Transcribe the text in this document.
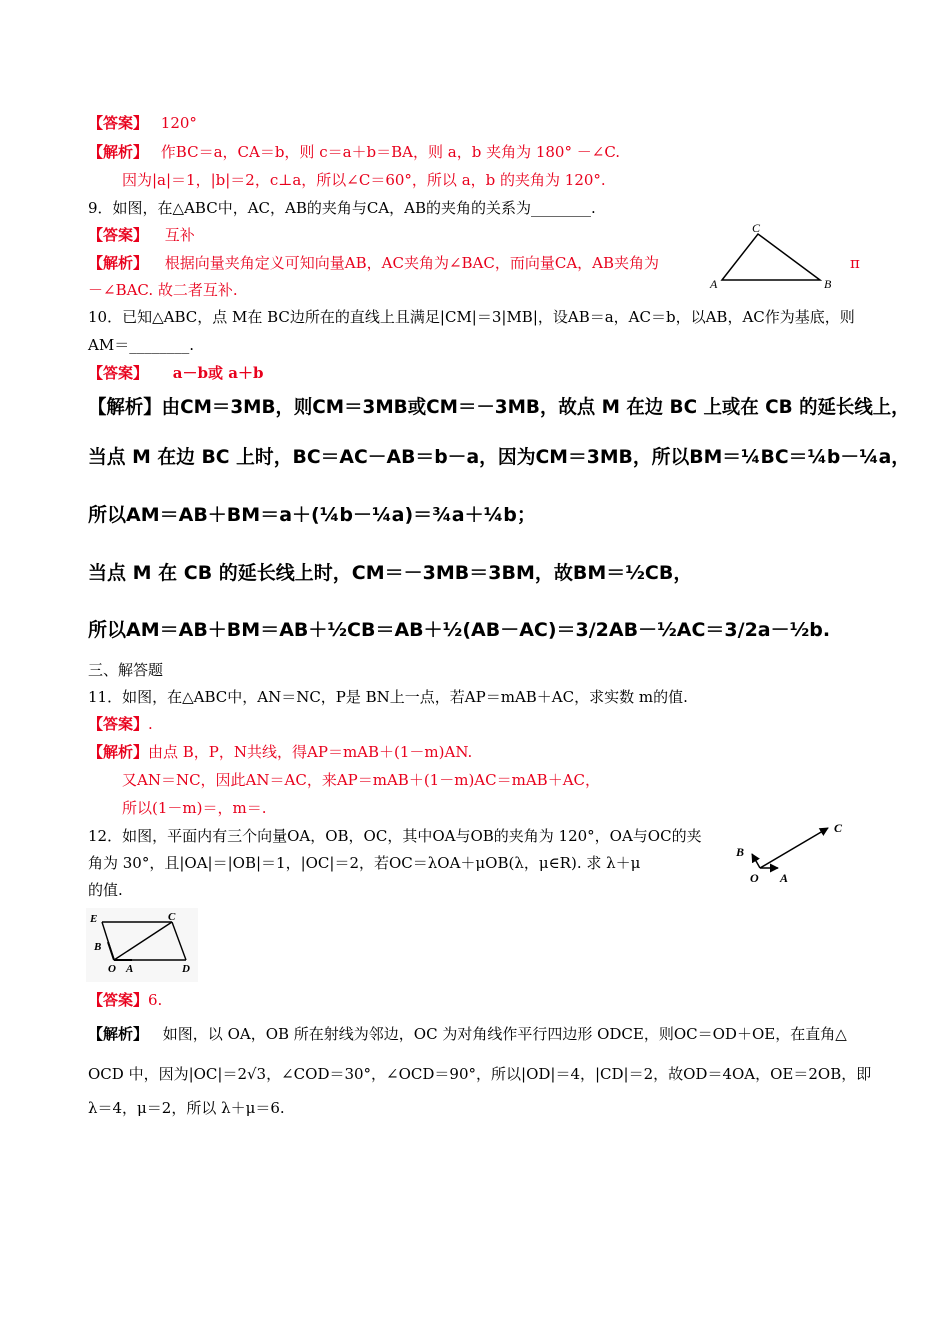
【答案】 120°
【解析】 作BC＝a，CA＝b，则 c＝a＋b＝BA，则 a，b 夹角为 180° －∠C.
因为|a|＝1，|b|＝2，c⊥a，所以∠C＝60°，所以 a，b 的夹角为 120°.
9．如图，在△ABC中，AC，AB的夹角与CA，AB的夹角的关系为________.
【答案】 互补
【解析】 根据向量夹角定义可知向量AB，AC夹角为∠BAC，而向量CA，AB夹角为	π
－∠BAC. 故二者互补.
C
A	B
10．已知△ABC，点 M在 BC边所在的直线上且满足|CM|＝3|MB|，设AB＝a，AC＝b，以AB，AC作为基底，则
AM＝________.
【答案】 a－b或 a＋b
【解析】由CM＝3MB，则CM＝3MB或CM＝－3MB，故点 M 在边 BC 上或在 CB 的延长线上，
当点 M 在边 BC 上时，BC＝AC－AB＝b－a，因为CM＝3MB，所以BM＝¼BC＝¼b－¼a，
所以AM＝AB＋BM＝a＋(¼b－¼a)＝¾a＋¼b；
当点 M 在 CB 的延长线上时，CM＝－3MB＝3BM，故BM＝½CB，
所以AM＝AB＋BM＝AB＋½CB＝AB＋½(AB－AC)＝3/2AB－½AC＝3/2a－½b.
三、解答题
11．如图，在△ABC中，AN＝NC，P是 BN上一点，若AP＝mAB＋AC，求实数 m的值.
【答案】.
【解析】由点 B，P，N共线，得AP＝mAB＋(1－m)AN.
又AN＝NC，因此AN＝AC，来AP＝mAB＋(1－m)AC＝mAB＋AC，
所以(1－m)＝，m＝.
12．如图，平面内有三个向量OA，OB，OC，其中OA与OB的夹角为 120°，OA与OC的夹
角为 30°，且|OA|＝|OB|＝1，|OC|＝2，若OC＝λOA＋μOB(λ，μ∈R). 求 λ＋μ
的值.
C
B
O A
E	C
B
O A	D
【答案】6.
【解析】 如图，以 OA，OB 所在射线为邻边，OC 为对角线作平行四边形 ODCE，则OC＝OD＋OE，在直角△
OCD 中，因为|OC|＝2√3，∠COD＝30°，∠OCD＝90°，所以|OD|＝4，|CD|＝2，故OD＝4OA，OE＝2OB，即
λ＝4，μ＝2，所以 λ＋μ＝6.
